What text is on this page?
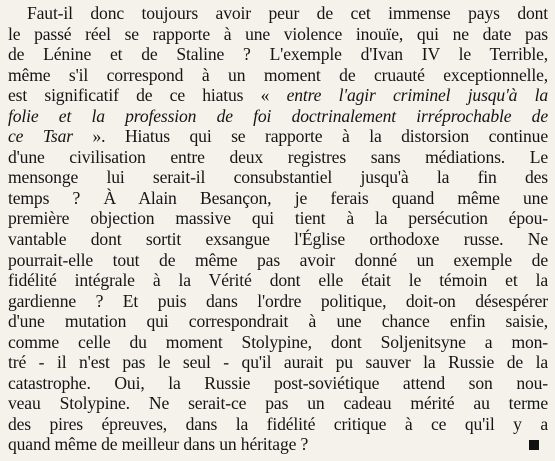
Faut-il donc toujours avoir peur de cet immense pays dont
le passé réel se rapporte à une violence inouïe, qui ne date pas
de Lénine et de Staline ? L'exemple d'Ivan IV le Terrible,
même s'il correspond à un moment de cruauté exceptionnelle,
est significatif de ce hiatus « entre l'agir criminel jusqu'à la
folie et la profession de foi doctrinalement irréprochable de
ce Tsar ». Hiatus qui se rapporte à la distorsion continue
d'une civilisation entre deux registres sans médiations. Le
mensonge lui serait-il consubstantiel jusqu'à la fin des
temps ? À Alain Besançon, je ferais quand même une
première objection massive qui tient à la persécution épou-
vantable dont sortit exsangue l'Église orthodoxe russe. Ne
pourrait-elle tout de même pas avoir donné un exemple de
fidélité intégrale à la Vérité dont elle était le témoin et la
gardienne ? Et puis dans l'ordre politique, doit-on désespérer
d'une mutation qui correspondrait à une chance enfin saisie,
comme celle du moment Stolypine, dont Soljenitsyne a mon-
tré - il n'est pas le seul - qu'il aurait pu sauver la Russie de la
catastrophe. Oui, la Russie post-soviétique attend son nou-
veau Stolypine. Ne serait-ce pas un cadeau mérité au terme
des pires épreuves, dans la fidélité critique à ce qu'il y a
quand même de meilleur dans un héritage ?
